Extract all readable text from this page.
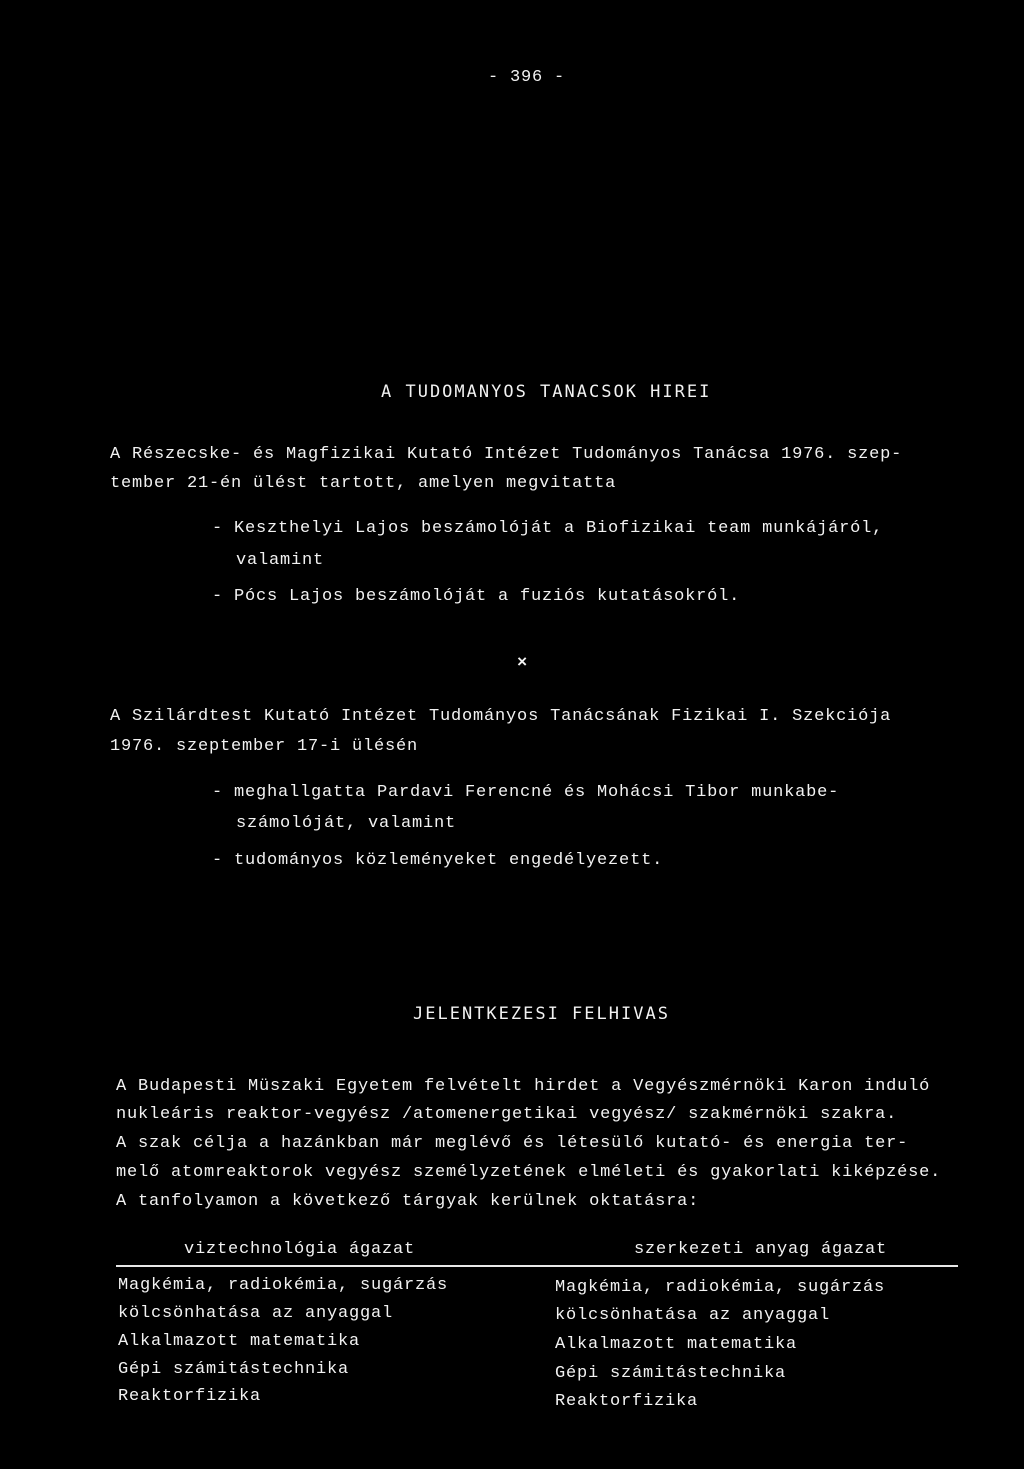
- 396 -
A TUDOMANYOS TANACSOK HIREI
A Részecske- és Magfizikai Kutató Intézet Tudományos Tanácsa 1976. szep-
tember 21-én ülést tartott, amelyen megvitatta
- Keszthelyi Lajos beszámolóját a Biofizikai team munkájáról,
valamint
- Pócs Lajos beszámolóját a fuziós kutatásokról.
×
A Szilárdtest Kutató Intézet Tudományos Tanácsának Fizikai I. Szekciója
1976. szeptember 17-i ülésén
- meghallgatta Pardavi Ferencné és Mohácsi Tibor munkabe-
számolóját, valamint
- tudományos közleményeket engedélyezett.
JELENTKEZESI FELHIVAS
A Budapesti Müszaki Egyetem felvételt hirdet a Vegyészmérnöki Karon induló
nukleáris reaktor-vegyész /atomenergetikai vegyész/ szakmérnöki szakra.
A szak célja a hazánkban már meglévő és létesülő kutató- és energia ter-
melő atomreaktorok vegyész személyzetének elméleti és gyakorlati kiképzése.
A tanfolyamon a következő tárgyak kerülnek oktatásra:
viztechnológia ágazat	szerkezeti anyag ágazat
Magkémia, radiokémia, sugárzás
kölcsönhatása az anyaggal
Alkalmazott matematika
Gépi számitástechnika
Reaktorfizika
Magkémia, radiokémia, sugárzás
kölcsönhatása az anyaggal
Alkalmazott matematika
Gépi számitástechnika
Reaktorfizika
